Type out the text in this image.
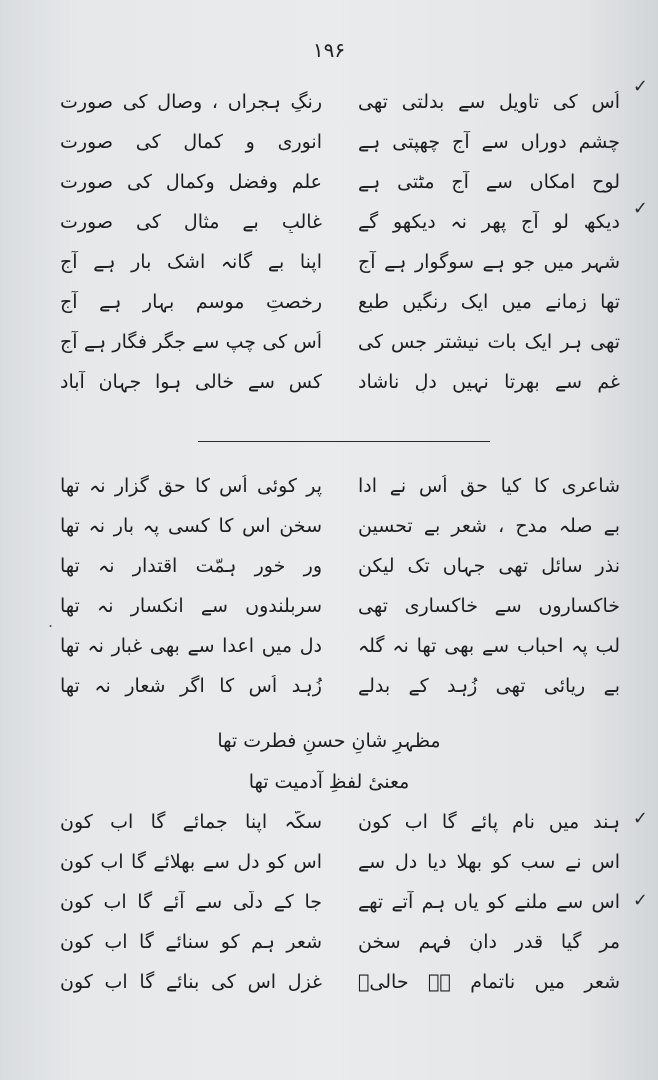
۱۹۶
✓
✓
✓
✓
.
اُس کی تاویل سے بدلتی تھی
رنگِ ہجراں ، وصال کی صورت
چشمِ دوراں سے آج چھپتی ہے
انوری و کمال کی صورت
لوحِ امکاں سے آج مٹتی ہے
علم وفضل وکمال کی صورت
دیکھ لو آج پھر نہ دیکھو گے
غالبِ بے مثال کی صورت
شہر میں جو ہے سوگوار ہے آج
اپنا بے گانہ اشک بار ہے آج
تھا زمانے میں ایک رنگیں طبع
رخصتِ موسمِ بہار ہے آج
تھی ہر ایک بات نیشتر جس کی
اُس کی چپ سے جگر فگار ہے آج
غم سے بھرتا نہیں دلِ ناشاد
کس سے خالی ہوا جہان آباد
شاعری کا کیا حق اُس نے ادا
پر کوئی اُس کا حق گزار نہ تھا
بے صلہ مدح ، شعر بے تحسین
سخن اس کا کسی پہ بار نہ تھا
نذرِ سائل تھی جہاں تک لیکن
ور خورِ ہمّت اقتدار نہ تھا
خاکساروں سے خاکساری تھی
سربلندوں سے انکسار نہ تھا
لب پہ احباب سے بھی تھا نہ گلہ
دل میں اعدا سے بھی غبار نہ تھا
بے ریائی تھی زُہد کے بدلے
زُہد اُس کا اگر شعار نہ تھا
مظہرِ شانِ حسنِ فطرت تھا
معنیٔ لفظِ آدمیت تھا
ہند میں نام پائے گا اب کون
سکّہ اپنا جمائے گا اب کون
اس نے سب کو بھلا دیا دل سے
اس کو دل سے بھلائے گا اب کون
اس سے ملنے کو یاں ہم آتے تھے
جا کے دلّی سے آئے گا اب کون
مر گیا قدر دانِ فہمِ سخن
شعر ہم کو سنائے گا اب کون
شعر میں ناتمام ہے حالیؔ
غزل اس کی بنائے گا اب کون
